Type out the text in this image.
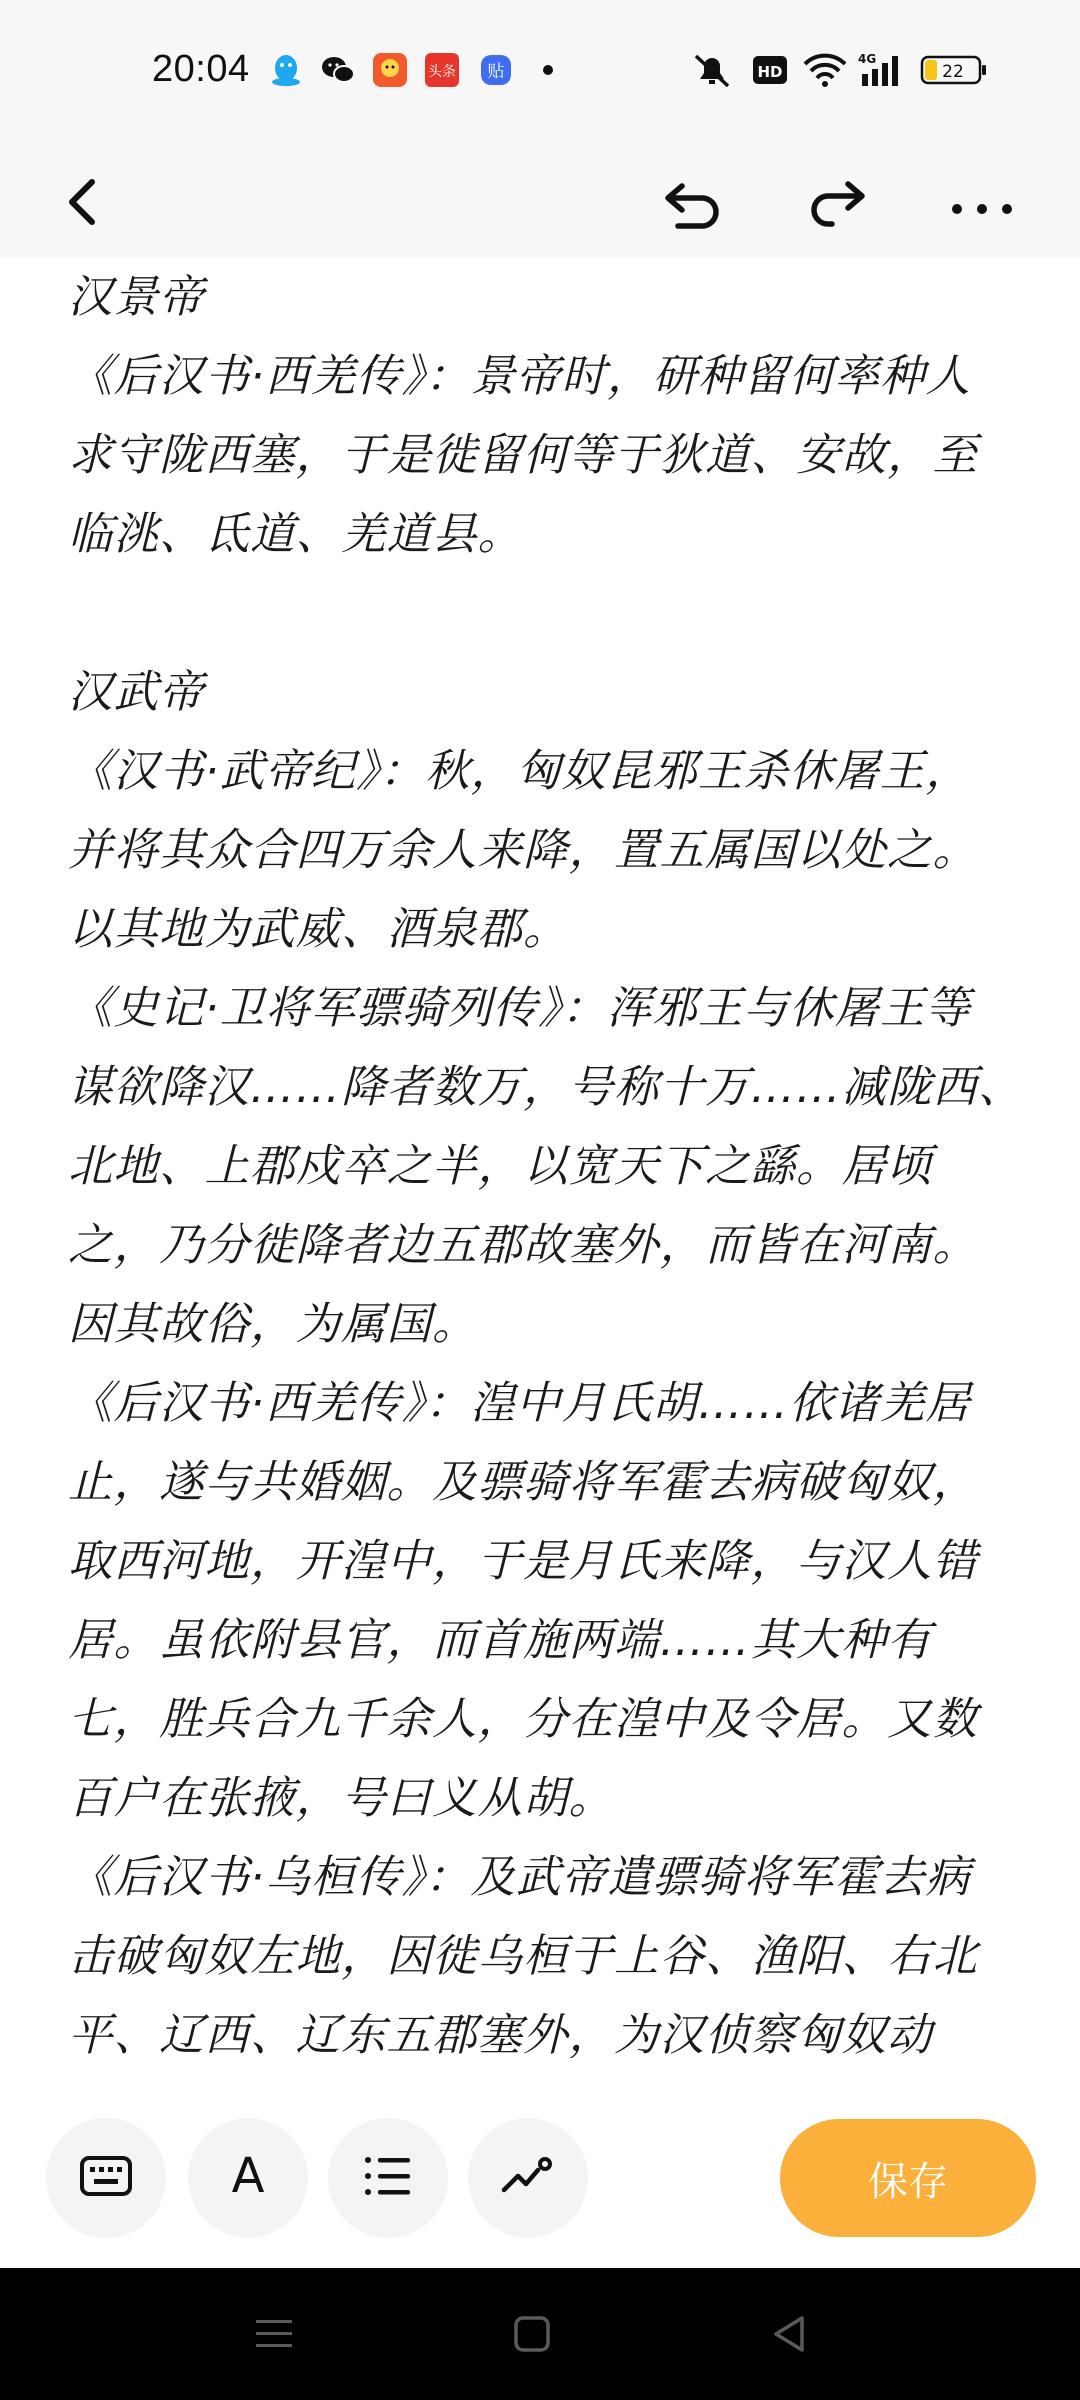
20:04	头条 贴	HD
4G
22

汉景帝

《后汉书·西羌传》：景帝时，研种留何率种人

求守陇西塞，于是徙留何等于狄道、安故，至

临洮、氐道、羌道县。

汉武帝

《汉书·武帝纪》：秋，匈奴昆邪王杀休屠王，

并将其众合四万余人来降，置五属国以处之。

以其地为武威、酒泉郡。

《史记·卫将军骠骑列传》：浑邪王与休屠王等

谋欲降汉……降者数万，号称十万……减陇西、

北地、上郡戍卒之半，以宽天下之繇。居顷

之，乃分徙降者边五郡故塞外，而皆在河南。

因其故俗，为属国。

《后汉书·西羌传》：湟中月氏胡……依诸羌居

止，遂与共婚姻。及骠骑将军霍去病破匈奴，

取西河地，开湟中，于是月氏来降，与汉人错

居。虽依附县官，而首施两端……其大种有

七，胜兵合九千余人，分在湟中及令居。又数

百户在张掖，号曰义从胡。

《后汉书·乌桓传》：及武帝遣骠骑将军霍去病

击破匈奴左地，因徙乌桓于上谷、渔阳、右北

平、辽西、辽东五郡塞外，为汉侦察匈奴动

A	保存
